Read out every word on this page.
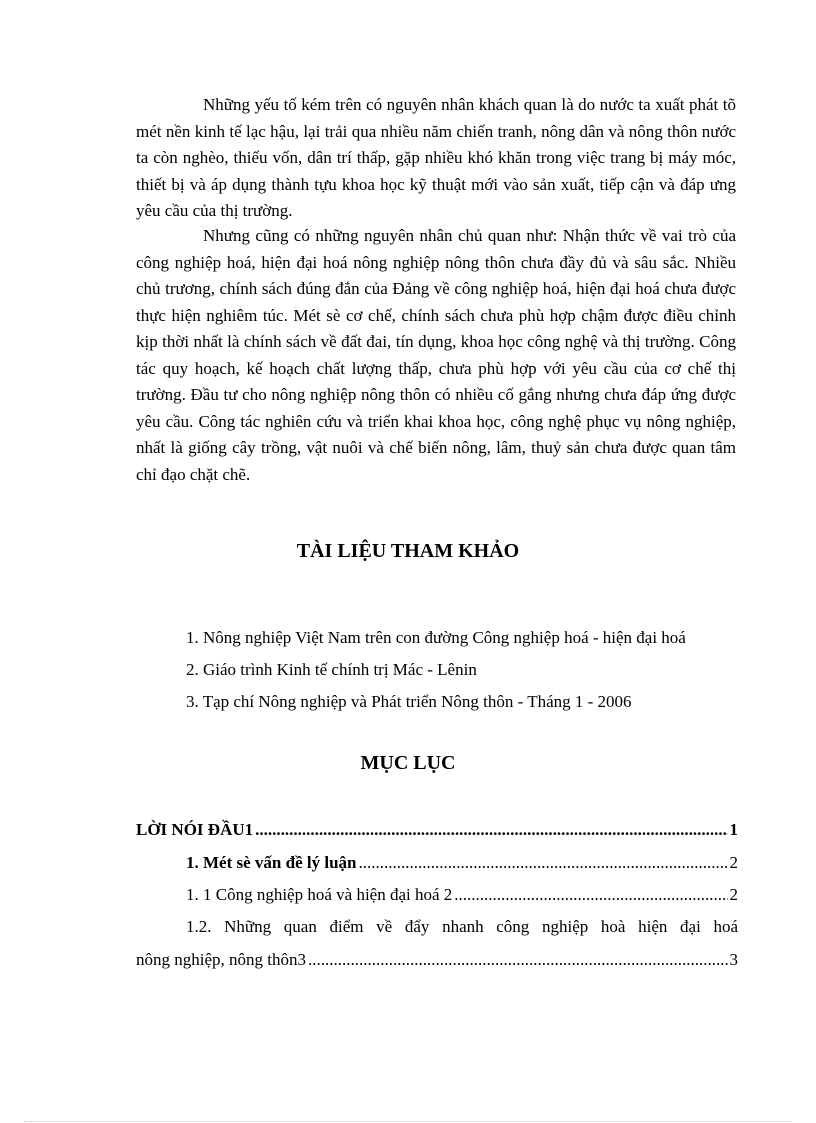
Những yếu tố kém trên có nguyên nhân khách quan là do nước ta xuất phát tõ mét nền kinh tế lạc hậu, lại trải qua nhiều năm chiến tranh, nông dân và nông thôn nước ta còn nghèo, thiếu vốn, dân trí thấp, gặp nhiều khó khăn trong việc trang bị máy móc, thiết bị và áp dụng thành tựu khoa học kỹ thuật mới vào sản xuất, tiếp cận và đáp ưng yêu cầu của thị trường.

Nhưng cũng có những nguyên nhân chủ quan như: Nhận thức về vai trò của công nghiệp hoá, hiện đại hoá nông nghiệp nông thôn chưa đầy đủ và sâu sắc. Nhiều chủ trương, chính sách đúng đắn của Đảng về công nghiệp hoá, hiện đại hoá chưa được thực hiện nghiêm túc. Mét sè cơ chế, chính sách chưa phù hợp chậm được điều chỉnh kịp thời nhất là chính sách về đất đai, tín dụng, khoa học công nghệ và thị trường. Công tác quy hoạch, kế hoạch chất lượng thấp, chưa phù hợp với yêu cầu của cơ chế thị trường. Đầu tư cho nông nghiệp nông thôn có nhiều cố gắng nhưng chưa đáp ứng được yêu cầu. Công tác nghiên cứu và triển khai khoa học, công nghệ phục vụ nông nghiệp, nhất là giống cây trồng, vật nuôi và chế biến nông, lâm, thuỷ sản chưa được quan tâm chỉ đạo chặt chẽ.

TÀI LIỆU THAM KHẢO

1. Nông nghiệp Việt Nam trên con đường Công nghiệp hoá - hiện đại hoá

2. Giáo trình Kinh tế chính trị Mác - Lênin

3. Tạp chí Nông nghiệp và Phát triển Nông thôn - Tháng 1 - 2006

MỤC LỤC
LỜI NÓI ĐẦU1 .....	1
1. Mét sè vấn đề lý luận .....	2
1. 1 Công nghiệp hoá và hiện đại hoá 2 .....	2

1.2. Những quan điểm về đẩy nhanh công nghiệp hoà hiện đại hoá

nông nghiệp, nông thôn3 .....	3
